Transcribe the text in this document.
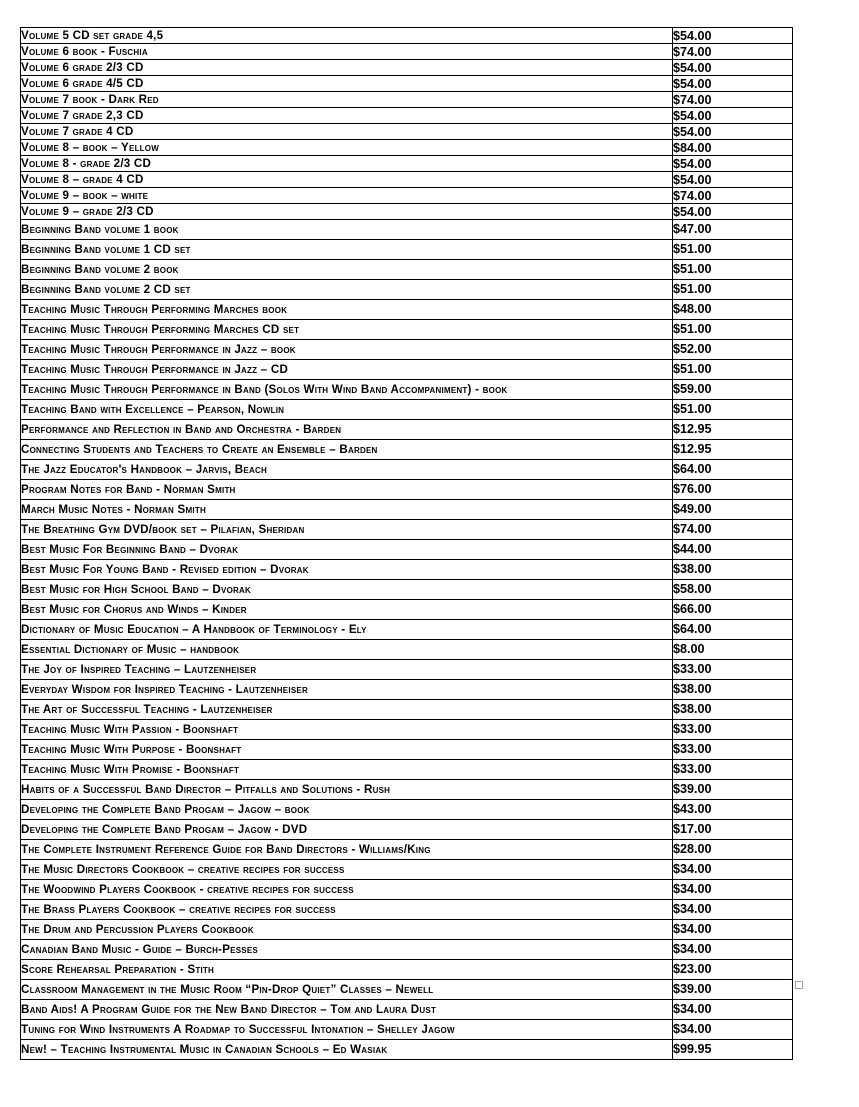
Volume 5 CD set grade 4,5	$54.00

Volume 6 book - Fuschia	$74.00

Volume 6 grade 2/3 CD	$54.00

Volume 6 grade 4/5 CD	$54.00

Volume 7 book - Dark Red	$74.00

Volume 7 grade 2,3 CD	$54.00

Volume 7 grade 4 CD	$54.00

Volume 8 – book – Yellow	$84.00

Volume 8 - grade 2/3 CD	$54.00

Volume 8 – grade 4 CD	$54.00

Volume 9 – book – white	$74.00

Volume 9 – grade 2/3 CD	$54.00

Beginning Band volume 1 book	$47.00

Beginning Band volume 1 CD set	$51.00

Beginning Band volume 2 book	$51.00

Beginning Band volume 2 CD set	$51.00

Teaching Music Through Performing Marches book	$48.00

Teaching Music Through Performing Marches CD set	$51.00

Teaching Music Through Performance in Jazz – book	$52.00

Teaching Music Through Performance in Jazz – CD	$51.00

Teaching Music Through Performance in Band (Solos With Wind Band Accompaniment) - book	$59.00

Teaching Band with Excellence – Pearson, Nowlin	$51.00

Performance and Reflection in Band and Orchestra - Barden	$12.95

Connecting Students and Teachers to Create an Ensemble – Barden	$12.95

The Jazz Educator's Handbook – Jarvis, Beach	$64.00

Program Notes for Band - Norman Smith	$76.00

March Music Notes - Norman Smith	$49.00

The Breathing Gym DVD/book set – Pilafian, Sheridan	$74.00

Best Music For Beginning Band – Dvorak	$44.00

Best Music For Young Band - Revised edition – Dvorak	$38.00

Best Music for High School Band – Dvorak	$58.00

Best Music for Chorus and Winds – Kinder	$66.00

Dictionary of Music Education – A Handbook of Terminology - Ely	$64.00

Essential Dictionary of Music – handbook	$8.00

The Joy of Inspired Teaching – Lautzenheiser	$33.00

Everyday Wisdom for Inspired Teaching - Lautzenheiser	$38.00

The Art of Successful Teaching - Lautzenheiser	$38.00

Teaching Music With Passion - Boonshaft	$33.00

Teaching Music With Purpose - Boonshaft	$33.00

Teaching Music With Promise - Boonshaft	$33.00

Habits of a Successful Band Director – Pitfalls and Solutions - Rush	$39.00

Developing the Complete Band Progam – Jagow – book	$43.00

Developing the Complete Band Progam – Jagow - DVD	$17.00

The Complete Instrument Reference Guide for Band Directors - Williams/King	$28.00

The Music Directors Cookbook – creative recipes for success	$34.00

The Woodwind Players Cookbook - creative recipes for success	$34.00

The Brass Players Cookbook – creative recipes for success	$34.00

The Drum and Percussion Players Cookbook	$34.00

Canadian Band Music - Guide – Burch-Pesses	$34.00

Score Rehearsal Preparation - Stith	$23.00

Classroom Management in the Music Room “Pin-Drop Quiet” Classes – Newell	$39.00

Band Aids! A Program Guide for the New Band Director – Tom and Laura Dust	$34.00

Tuning for Wind Instruments A Roadmap to Successful Intonation – Shelley Jagow	$34.00

New! – Teaching Instrumental Music in Canadian Schools – Ed Wasiak	$99.95
